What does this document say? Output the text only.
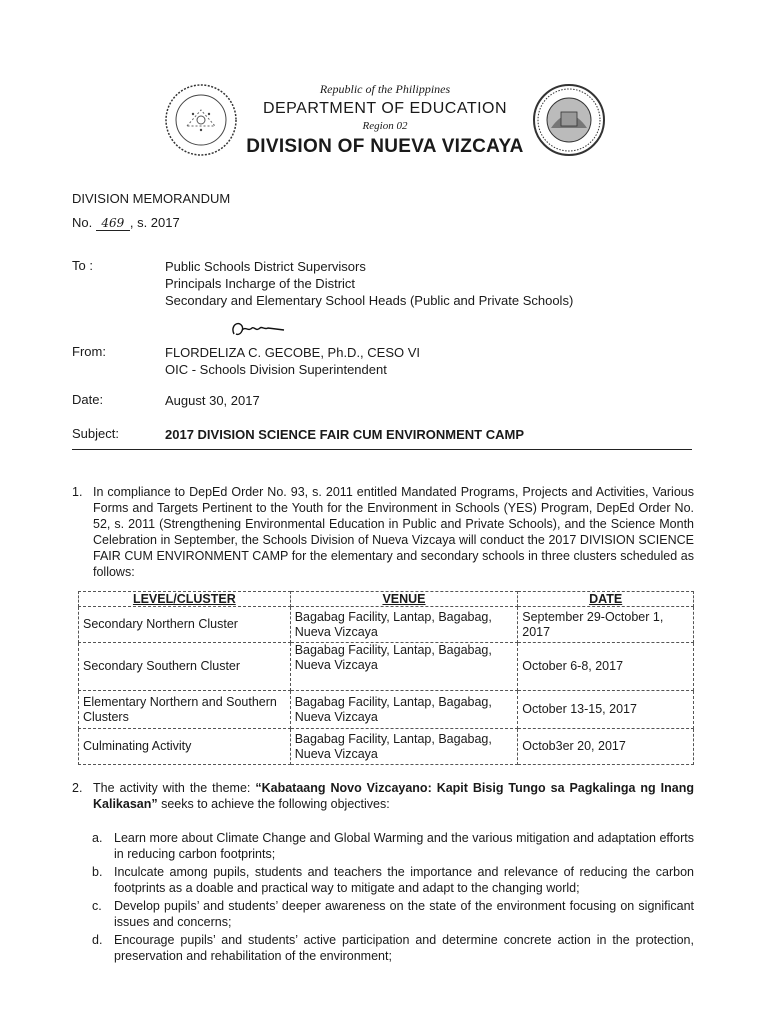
Republic of the Philippines
DEPARTMENT OF EDUCATION
Region 02
DIVISION OF NUEVA VIZCAYA
DIVISION MEMORANDUM
No. 469 , s. 2017
To :	Public Schools District Supervisors
Principals Incharge of the District
Secondary and Elementary School Heads (Public and Private Schools)
From:	FLORDELIZA C. GECOBE, Ph.D., CESO VI
OIC - Schools Division Superintendent
Date:	August 30, 2017
Subject:	2017 DIVISION SCIENCE FAIR CUM ENVIRONMENT CAMP
1. In compliance to DepEd Order No. 93, s. 2011 entitled Mandated Programs, Projects and Activities, Various Forms and Targets Pertinent to the Youth for the Environment in Schools (YES) Program, DepEd Order No. 52, s. 2011 (Strengthening Environmental Education in Public and Private Schools), and the Science Month Celebration in September, the Schools Division of Nueva Vizcaya will conduct the 2017 DIVISION SCIENCE FAIR CUM ENVIRONMENT CAMP for the elementary and secondary schools in three clusters scheduled as follows:
LEVEL/CLUSTER	VENUE	DATE
Secondary Northern Cluster	Bagabag Facility, Lantap, Bagabag, Nueva Vizcaya	September 29-October 1, 2017
Secondary Southern Cluster	Bagabag Facility, Lantap, Bagabag, Nueva Vizcaya	October 6-8, 2017
Elementary Northern and Southern Clusters	Bagabag Facility, Lantap, Bagabag, Nueva Vizcaya	October 13-15, 2017
Culminating Activity	Bagabag Facility, Lantap, Bagabag, Nueva Vizcaya	Octob3er 20, 2017
2. The activity with the theme: “Kabataang Novo Vizcayano: Kapit Bisig Tungo sa Pagkalinga ng Inang Kalikasan” seeks to achieve the following objectives:
a. Learn more about Climate Change and Global Warming and the various mitigation and adaptation efforts in reducing carbon footprints;
b. Inculcate among pupils, students and teachers the importance and relevance of reducing the carbon footprints as a doable and practical way to mitigate and adapt to the changing world;
c. Develop pupils’ and students’ deeper awareness on the state of the environment focusing on significant issues and concerns;
d. Encourage pupils’ and students’ active participation and determine concrete action in the protection, preservation and rehabilitation of the environment;
